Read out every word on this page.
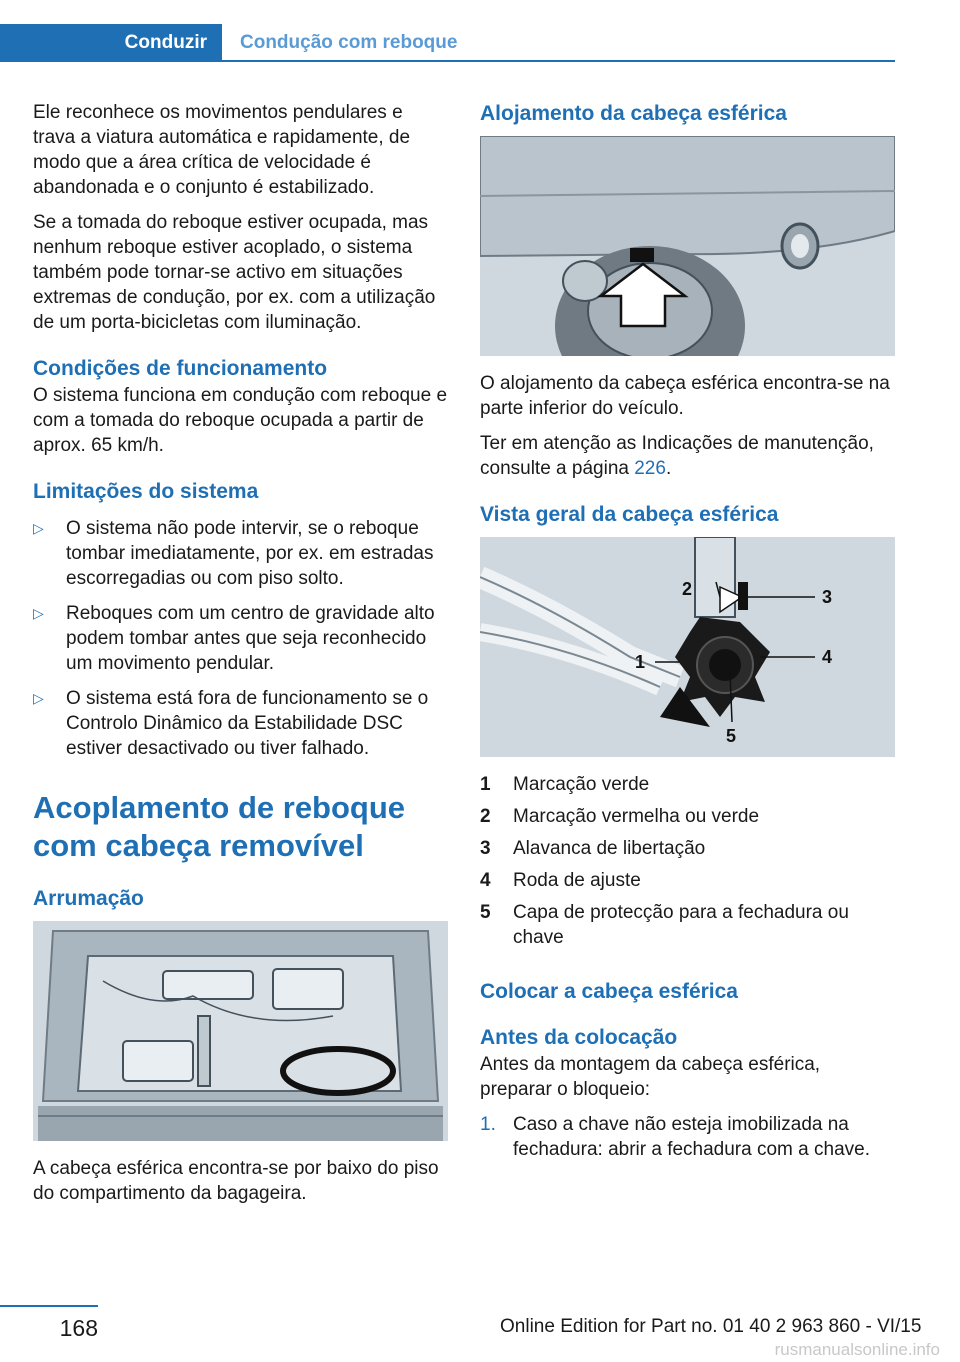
Conduzir	Condução com reboque

Ele reconhece os movimentos pendulares e trava a viatura automática e rapidamente, de modo que a área crítica de velocidade é abandonada e o conjunto é estabilizado.

Se a tomada do reboque estiver ocupada, mas nenhum reboque estiver acoplado, o sistema também pode tornar-se activo em situações extremas de condução, por ex. com a utilização de um porta-bicicletas com iluminação.

Condições de funcionamento

O sistema funciona em condução com reboque e com a tomada do reboque ocupada a partir de aprox. 65 km/h.

Limitações do sistema
▷ O sistema não pode intervir, se o reboque tombar imediatamente, por ex. em estradas escorregadias ou com piso solto.
▷ Reboques com um centro de gravidade alto podem tombar antes que seja reconhecido um movimento pendular.
▷ O sistema está fora de funcionamento se o Controlo Dinâmico da Estabilidade DSC estiver desactivado ou tiver falhado.
Acoplamento de reboque com cabeça removível
Arrumação

A cabeça esférica encontra-se por baixo do piso do compartimento da bagageira.

Alojamento da cabeça esférica

O alojamento da cabeça esférica encontra-se na parte inferior do veículo.

Ter em atenção as Indicações de manutenção, consulte a página 226.

Vista geral da cabeça esférica
1
2	3
4
5
1	Marcação verde
2	Marcação vermelha ou verde
3	Alavanca de libertação
4	Roda de ajuste
5	Capa de protecção para a fechadura ou chave
Colocar a cabeça esférica
Antes da colocação

Antes da montagem da cabeça esférica, preparar o bloqueio:

1. Caso a chave não esteja imobilizada na fechadura: abrir a fechadura com a chave.
168	Online Edition for Part no. 01 40 2 963 860 - VI/15
rusmanualsonline.info
